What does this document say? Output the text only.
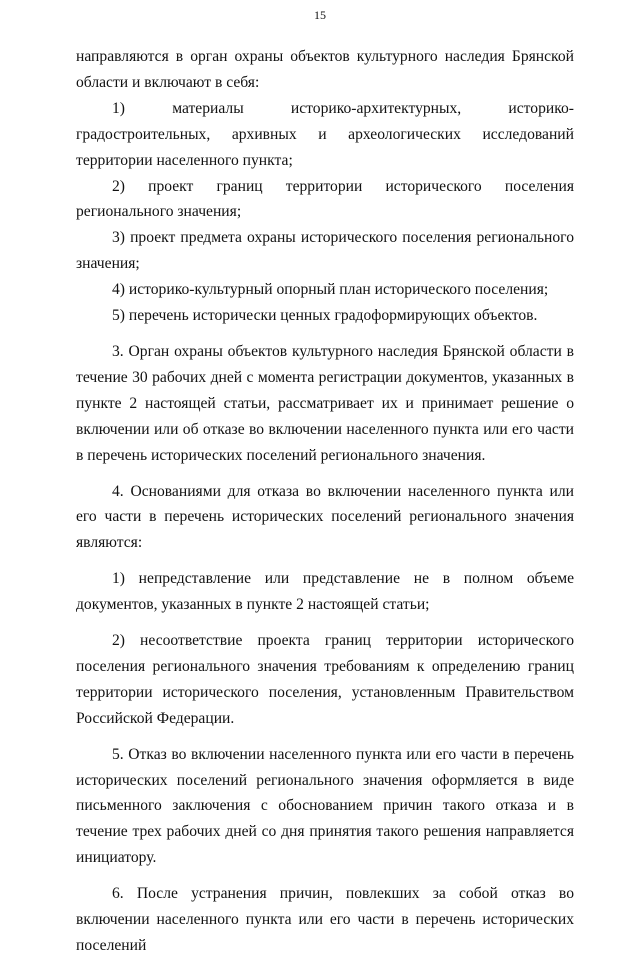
15

направляются в орган охраны объектов культурного наследия Брянской области и включают в себя:

1) материалы историко-архитектурных, историко-градостроительных, архивных и археологических исследований территории населенного пункта;

2) проект границ территории исторического поселения регионального значения;

3) проект предмета охраны исторического поселения регионального значения;

4) историко-культурный опорный план исторического поселения;

5) перечень исторически ценных градоформирующих объектов.

3. Орган охраны объектов культурного наследия Брянской области в течение 30 рабочих дней с момента регистрации документов, указанных в пункте 2 настоящей статьи, рассматривает их и принимает решение о включении или об отказе во включении населенного пункта или его части в перечень исторических поселений регионального значения.

4. Основаниями для отказа во включении населенного пункта или его части в перечень исторических поселений регионального значения являются:

1) непредставление или представление не в полном объеме документов, указанных в пункте 2 настоящей статьи;

2) несоответствие проекта границ территории исторического поселения регионального значения требованиям к определению границ территории исторического поселения, установленным Правительством Российской Федерации.

5. Отказ во включении населенного пункта или его части в перечень исторических поселений регионального значения оформляется в виде письменного заключения с обоснованием причин такого отказа и в течение трех рабочих дней со дня принятия такого решения направляется инициатору.

6. После устранения причин, повлекших за собой отказ во включении населенного пункта или его части в перечень исторических поселений
